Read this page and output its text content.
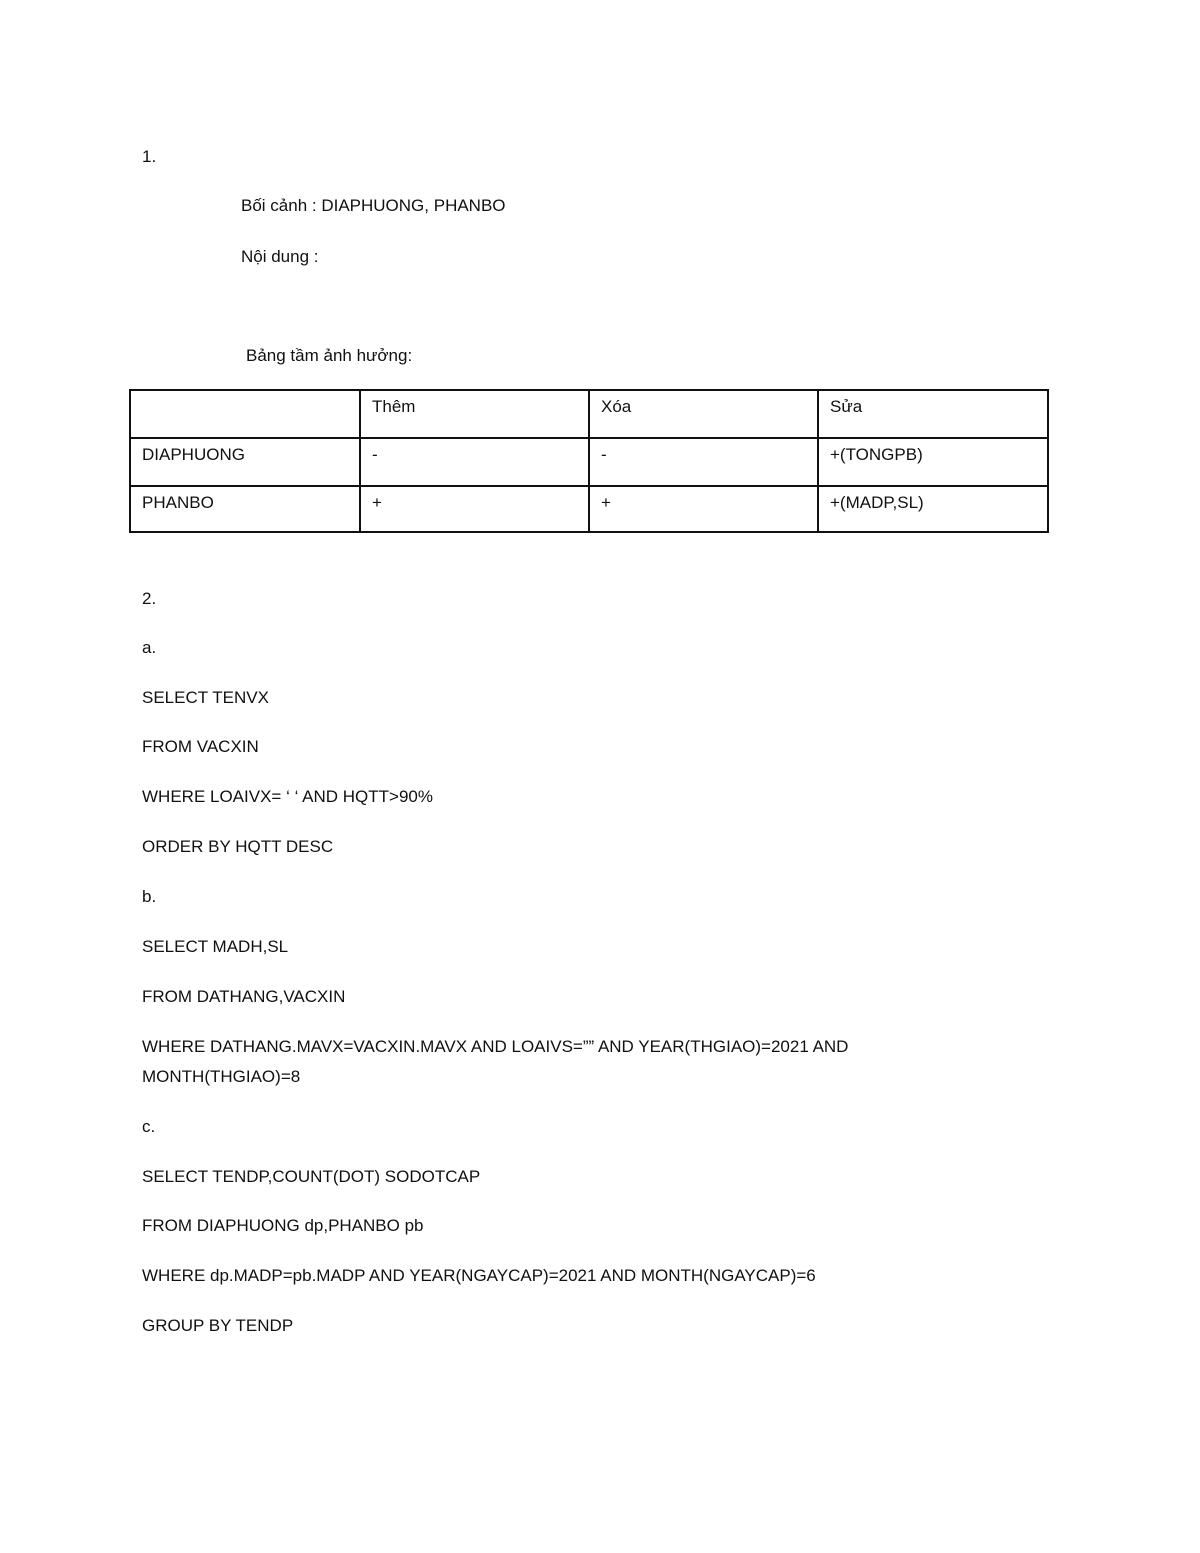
1.
Bối cảnh : DIAPHUONG, PHANBO
Nội dung :
Bảng tầm ảnh hưởng:
	Thêm	Xóa	Sửa
DIAPHUONG	-	-	+(TONGPB)
PHANBO	+	+	+(MADP,SL)
2.
a.
SELECT TENVX
FROM VACXIN
WHERE LOAIVX= ‘ ‘ AND HQTT>90%
ORDER BY HQTT DESC
b.
SELECT MADH,SL
FROM DATHANG,VACXIN
WHERE DATHANG.MAVX=VACXIN.MAVX AND LOAIVS=”” AND YEAR(THGIAO)=2021 AND
MONTH(THGIAO)=8
c.
SELECT TENDP,COUNT(DOT) SODOTCAP
FROM DIAPHUONG dp,PHANBO pb
WHERE dp.MADP=pb.MADP AND YEAR(NGAYCAP)=2021 AND MONTH(NGAYCAP)=6
GROUP BY TENDP
